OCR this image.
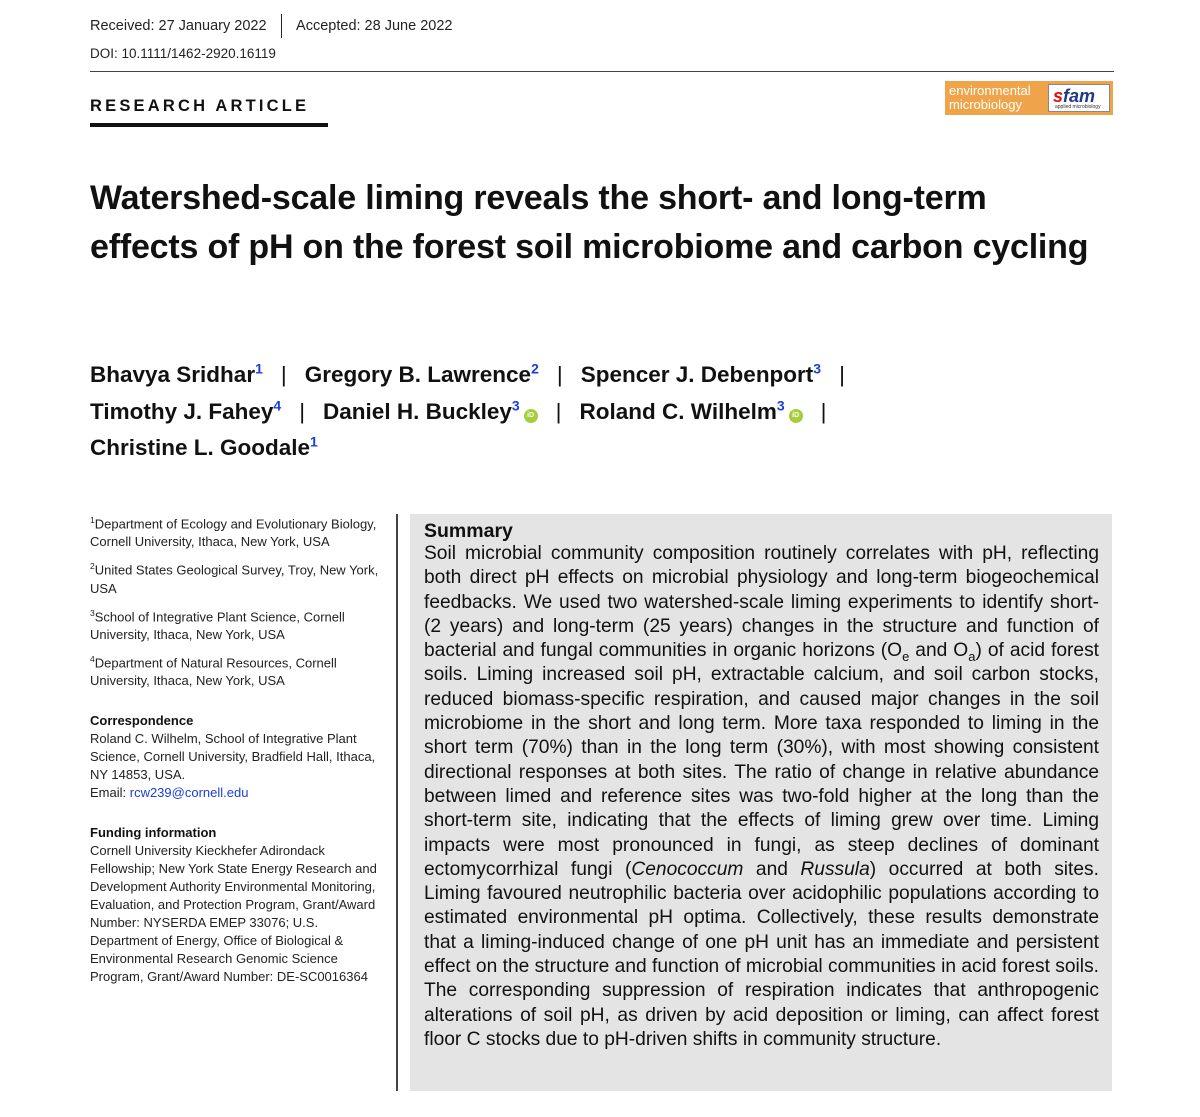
Received: 27 January 2022 Accepted: 28 June 2022
DOI: 10.1111/1462-2920.16119
RESEARCH ARTICLE
environmental
microbiology	sfam
applied microbiology
Watershed-scale liming reveals the short- and long-term effects of pH on the forest soil microbiome and carbon cycling
Bhavya Sridhar$^1$ | Gregory B. Lawrence$^2$ | Spencer J. Debenport$^3$ |
Timothy J. Fahey$^4$ | Daniel H. Buckley$^3$iD | Roland C. Wilhelm$^3$iD |
Christine L. Goodale$^1$
$^1$Department of Ecology and Evolutionary Biology, Cornell University, Ithaca, New York, USA
$^2$United States Geological Survey, Troy, New York, USA
$^3$School of Integrative Plant Science, Cornell University, Ithaca, New York, USA
$^4$Department of Natural Resources, Cornell University, Ithaca, New York, USA
Correspondence
Roland C. Wilhelm, School of Integrative Plant Science, Cornell University, Bradfield Hall, Ithaca, NY 14853, USA.
Email: rcw239@cornell.edu
Funding information
Cornell University Kieckhefer Adirondack Fellowship; New York State Energy Research and Development Authority Environmental Monitoring, Evaluation, and Protection Program, Grant/Award Number: NYSERDA EMEP 33076; U.S. Department of Energy, Office of Biological & Environmental Research Genomic Science Program, Grant/Award Number: DE-SC0016364
Summary

Soil microbial community composition routinely correlates with pH, reflecting both direct pH effects on microbial physiology and long-term biogeochemical feedbacks. We used two watershed-scale liming experiments to identify short- (2 years) and long-term (25 years) changes in the structure and function of bacterial and fungal communities in organic horizons ($O_e$ and $O_a$) of acid forest soils. Liming increased soil pH, extractable calcium, and soil carbon stocks, reduced biomass-specific respiration, and caused major changes in the soil microbiome in the short and long term. More taxa responded to liming in the short term (70%) than in the long term (30%), with most showing consistent directional responses at both sites. The ratio of change in relative abundance between limed and reference sites was two-fold higher at the long than the short-term site, indicating that the effects of liming grew over time. Liming impacts were most pronounced in fungi, as steep declines of dominant ectomycorrhizal fungi (Cenococcum and Russula) occurred at both sites. Liming favoured neutrophilic bacteria over acidophilic populations according to estimated environmental pH optima. Collectively, these results demonstrate that a liming-induced change of one pH unit has an immediate and persistent effect on the structure and function of microbial communities in acid forest soils. The corresponding suppression of respiration indicates that anthropogenic alterations of soil pH, as driven by acid deposition or liming, can affect forest floor C stocks due to pH-driven shifts in community structure.
